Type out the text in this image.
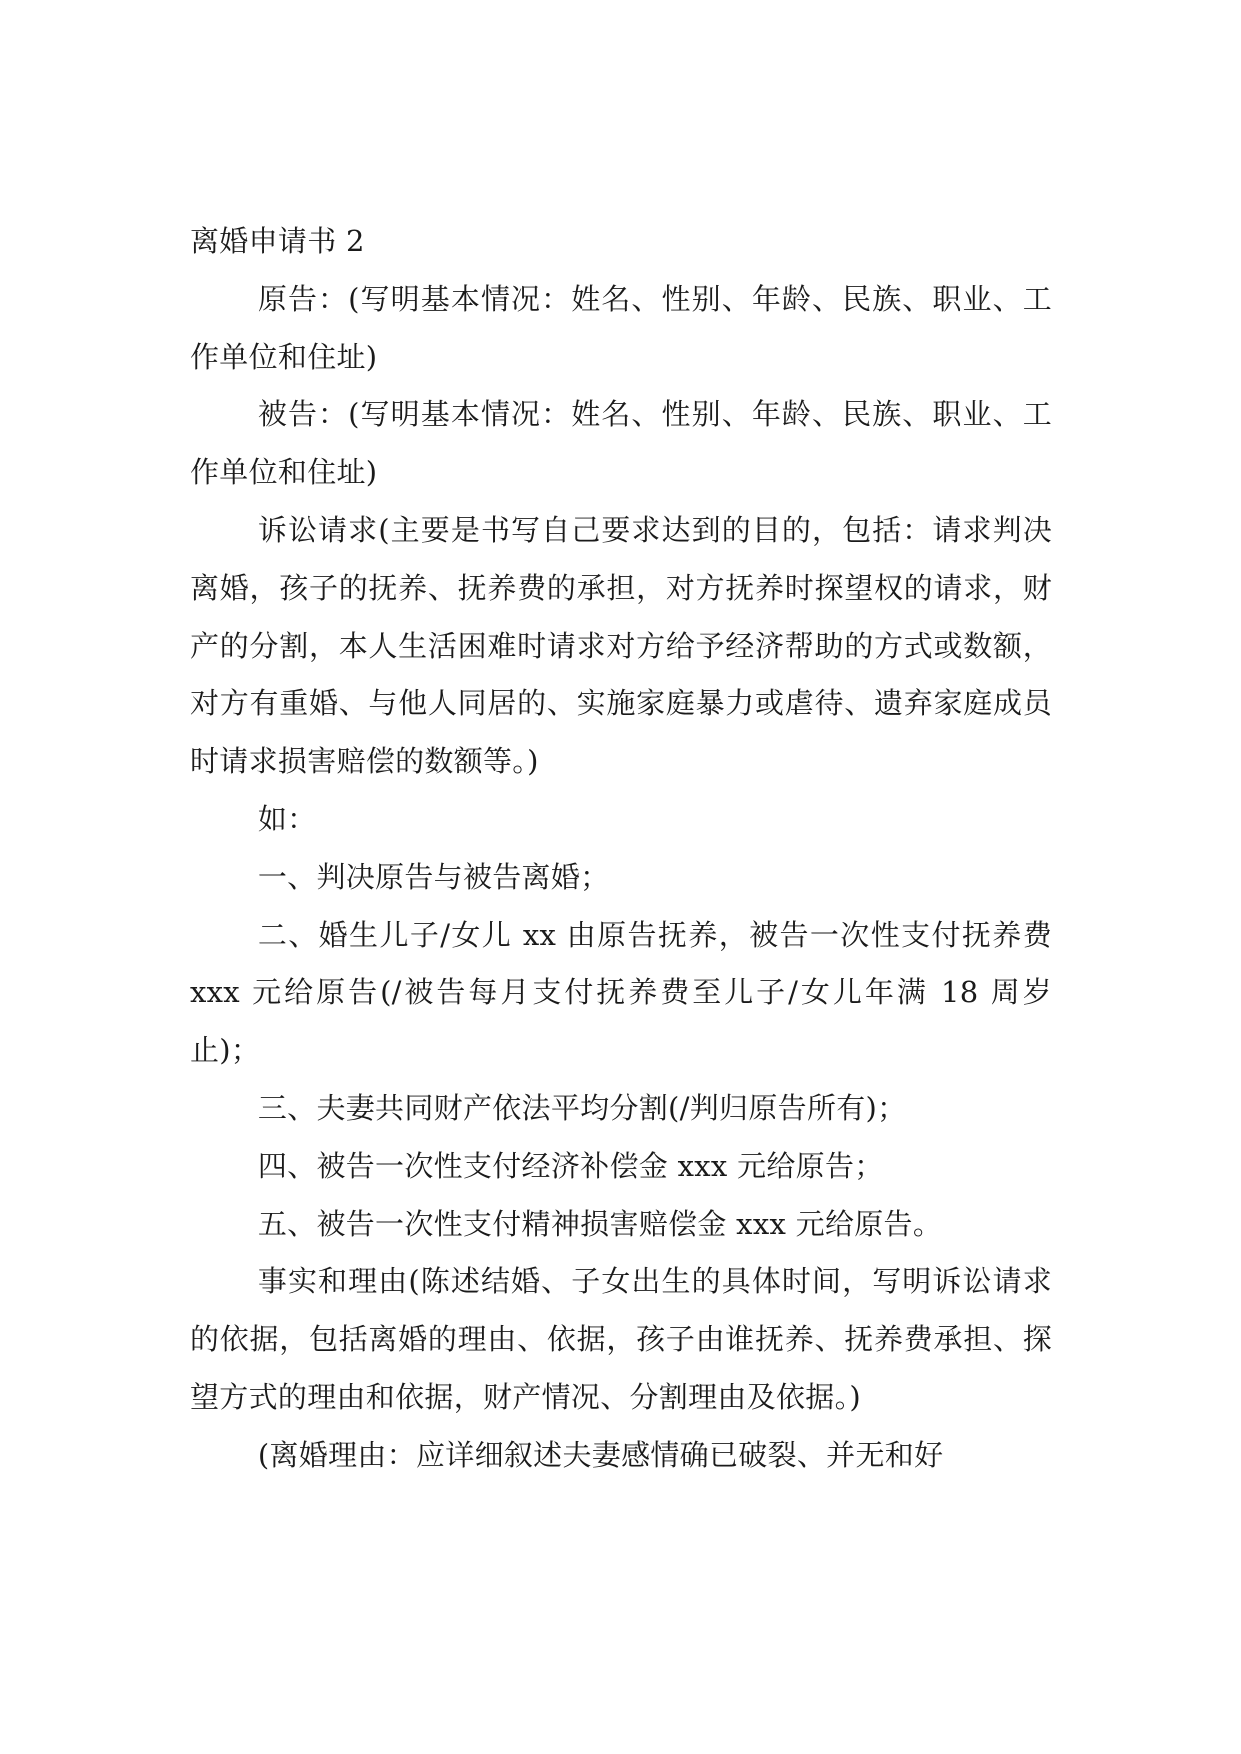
离婚申请书 2

原告：(写明基本情况：姓名、性别、年龄、民族、职业、工作单位和住址)

被告：(写明基本情况：姓名、性别、年龄、民族、职业、工作单位和住址)

诉讼请求(主要是书写自己要求达到的目的，包括：请求判决离婚，孩子的抚养、抚养费的承担，对方抚养时探望权的请求，财产的分割，本人生活困难时请求对方给予经济帮助的方式或数额，对方有重婚、与他人同居的、实施家庭暴力或虐待、遗弃家庭成员时请求损害赔偿的数额等。)

如：

一、判决原告与被告离婚；

二、婚生儿子/女儿 xx 由原告抚养，被告一次性支付抚养费 xxx 元给原告(/被告每月支付抚养费至儿子/女儿年满 18 周岁止)；

三、夫妻共同财产依法平均分割(/判归原告所有)；

四、被告一次性支付经济补偿金 xxx 元给原告；

五、被告一次性支付精神损害赔偿金 xxx 元给原告。

事实和理由(陈述结婚、子女出生的具体时间，写明诉讼请求的依据，包括离婚的理由、依据，孩子由谁抚养、抚养费承担、探望方式的理由和依据，财产情况、分割理由及依据。)

(离婚理由：应详细叙述夫妻感情确已破裂、并无和好
